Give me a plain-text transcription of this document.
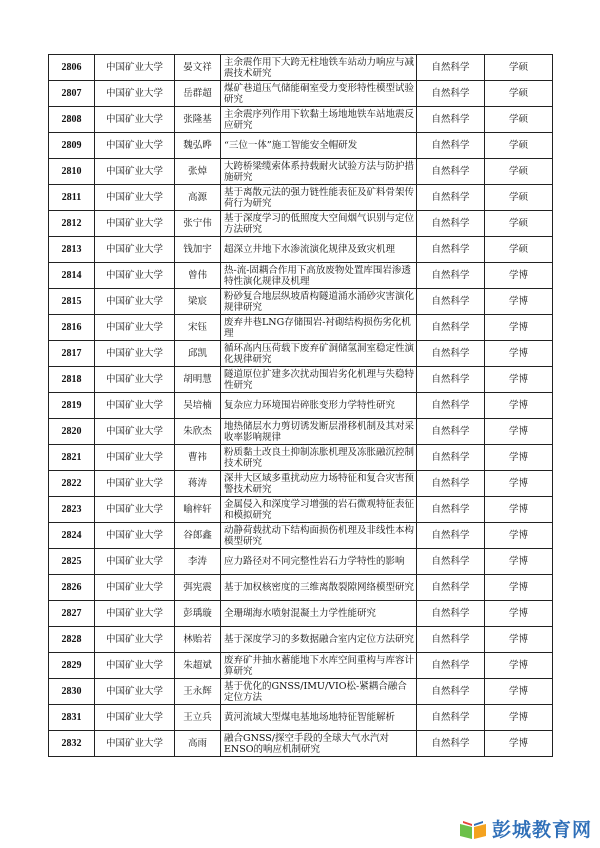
2806	中国矿业大学	晏文祥	主余震作用下大跨无柱地铁车站动力响应与减震技术研究	自然科学	学硕
2807	中国矿业大学	岳群超	煤矿巷道压气储能硐室受力变形特性模型试验研究	自然科学	学硕
2808	中国矿业大学	张隆基	主余震序列作用下软黏土场地地铁车站地震反应研究	自然科学	学硕
2809	中国矿业大学	魏弘晔	“三位一体”施工智能安全帽研发	自然科学	学硕
2810	中国矿业大学	张焯	大跨桥梁缆索体系持载耐火试验方法与防护措施研究	自然科学	学硕
2811	中国矿业大学	高源	基于离散元法的强力链性能表征及矿料骨架传荷行为研究	自然科学	学硕
2812	中国矿业大学	张宁伟	基于深度学习的低照度大空间烟气识别与定位方法研究	自然科学	学硕
2813	中国矿业大学	钱加宇	超深立井地下水渗流演化规律及致灾机理	自然科学	学硕
2814	中国矿业大学	曾伟	热-流-固耦合作用下高放废物处置库围岩渗透特性演化规律及机理	自然科学	学博
2815	中国矿业大学	梁宸	粉砂复合地层纵坡盾构隧道涌水涌砂灾害演化规律研究	自然科学	学博
2816	中国矿业大学	宋钰	废弃井巷LNG存储围岩-衬砌结构损伤劣化机理	自然科学	学博
2817	中国矿业大学	邱凯	循环高内压荷载下废弃矿洞储氢洞室稳定性演化规律研究	自然科学	学博
2818	中国矿业大学	胡明慧	隧道原位扩建多次扰动围岩劣化机理与失稳特性研究	自然科学	学博
2819	中国矿业大学	吴培楠	复杂应力环境围岩碎胀变形力学特性研究	自然科学	学博
2820	中国矿业大学	朱欣杰	地热储层水力剪切诱发断层滑移机制及其对采收率影响规律	自然科学	学博
2821	中国矿业大学	曹祎	粉质黏土改良土抑制冻胀机理及冻胀融沉控制技术研究	自然科学	学博
2822	中国矿业大学	蒋涛	深井大区域多重扰动应力场特征和复合灾害预警技术研究	自然科学	学博
2823	中国矿业大学	喻梓轩	金属侵入和深度学习增强的岩石微观特征表征和模拟研究	自然科学	学博
2824	中国矿业大学	谷郎鑫	动静荷载扰动下结构面损伤机理及非线性本构模型研究	自然科学	学博
2825	中国矿业大学	李涛	应力路径对不同完整性岩石力学特性的影响	自然科学	学博
2826	中国矿业大学	弭宪震	基于加权核密度的三维离散裂隙网络模型研究	自然科学	学博
2827	中国矿业大学	彭瑀璇	全珊瑚海水喷射混凝土力学性能研究	自然科学	学博
2828	中国矿业大学	林贻若	基于深度学习的多数据融合室内定位方法研究	自然科学	学博
2829	中国矿业大学	朱超斌	废弃矿井抽水蓄能地下水库空间重构与库容计算研究	自然科学	学博
2830	中国矿业大学	王永辉	基于优化的GNSS/IMU/VIO松-紧耦合融合定位方法	自然科学	学博
2831	中国矿业大学	王立兵	黄河流域大型煤电基地场地特征智能解析	自然科学	学博
2832	中国矿业大学	高雨	融合GNSS/探空手段的全球大气水汽对ENSO的响应机制研究	自然科学	学博
彭城教育网
